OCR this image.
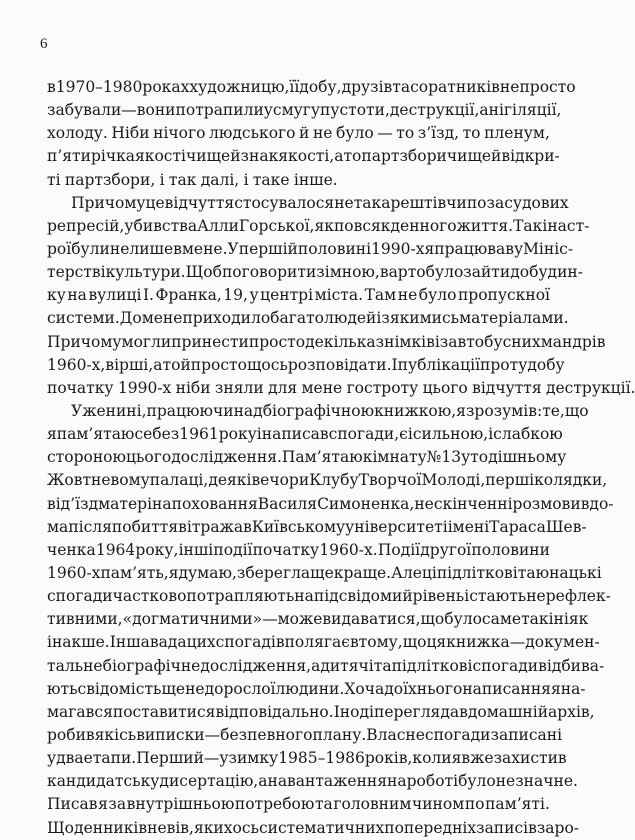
6
в 1970–1980 роках художницю, її добу, друзів та соратників не просто
забували — вони потрапили у смугу пустоти, деструкції, анігіляції,
холоду. Ніби нічого людського й не було — то з’їзд, то пленум,
п’ятирічка якості чи ще й знак якості, а то партзбори чи ще й відкри-
ті партзбори, і так далі, і таке інше.
Причому це відчуття стосувалося не так арештів чи позасудових
репресій, убивства Алли Горської, як повсякденного життя. Такі наст-
рої були не лише в мене. У першій половині 1990-х я працював у Мініс-
терстві культури. Щоб поговорити зі мною, варто було зайти до будин-
ку на вулиці І. Франка, 19, у центрі міста. Там не було пропускної
системи. До мене приходило багато людей із якимись матеріалами.
Причому могли принести просто декілька знімків із автобусних мандрів
1960-х, вірші, а то й просто щось розповідати. І публікації про ту добу
початку 1990-х ніби зняли для мене гостроту цього відчуття деструкції.
Уже нині, працюючи над біографічною книжкою, я зрозумів: те, що
я пам’ятаю себе з 1961 року і написав спогади, є і сильною, і слабкою
стороною цього дослідження. Пам’ятаю кімнату №13 у тодішньому
Жовтневому палаці, деякі вечори Клубу Творчої Молоді, перші колядки,
від’їзд матері на поховання Василя Симоненка, нескінченні розмови вдо-
ма після побиття вітража в Київському університеті імені Тараса Шев-
ченка 1964 року, інші події початку 1960-х. Події другої половини
1960-х пам’ять, я думаю, зберегла ще краще. Але ці підліткові та юнацькі
спогади частково потрапляють на підсвідомий рівень і стають нерефлек-
тивними, «догматичними» — може видаватися, що було саме так і ніяк
інакше. Інша вада цих спогадів полягає в тому, що ця книжка — докумен-
тальне біографічне дослідження, а дитячі та підліткові спогади відбива-
ють свідомість ще недорослої людини. Хоча до їхнього написання я на-
магався поставитися відповідально. Іноді переглядав домашній архів,
робив якісь виписки — без певного плану. Власне спогади записані
у два етапи. Перший — узимку 1985–1986 років, коли я вже захистив
кандидатську дисертацію, а навантаження на роботі було незначне.
Писав я за внутрішньою потребою та головним чином по пам’яті.
Щоденників не вів, якихось систематичних попередніх записів за ро-
